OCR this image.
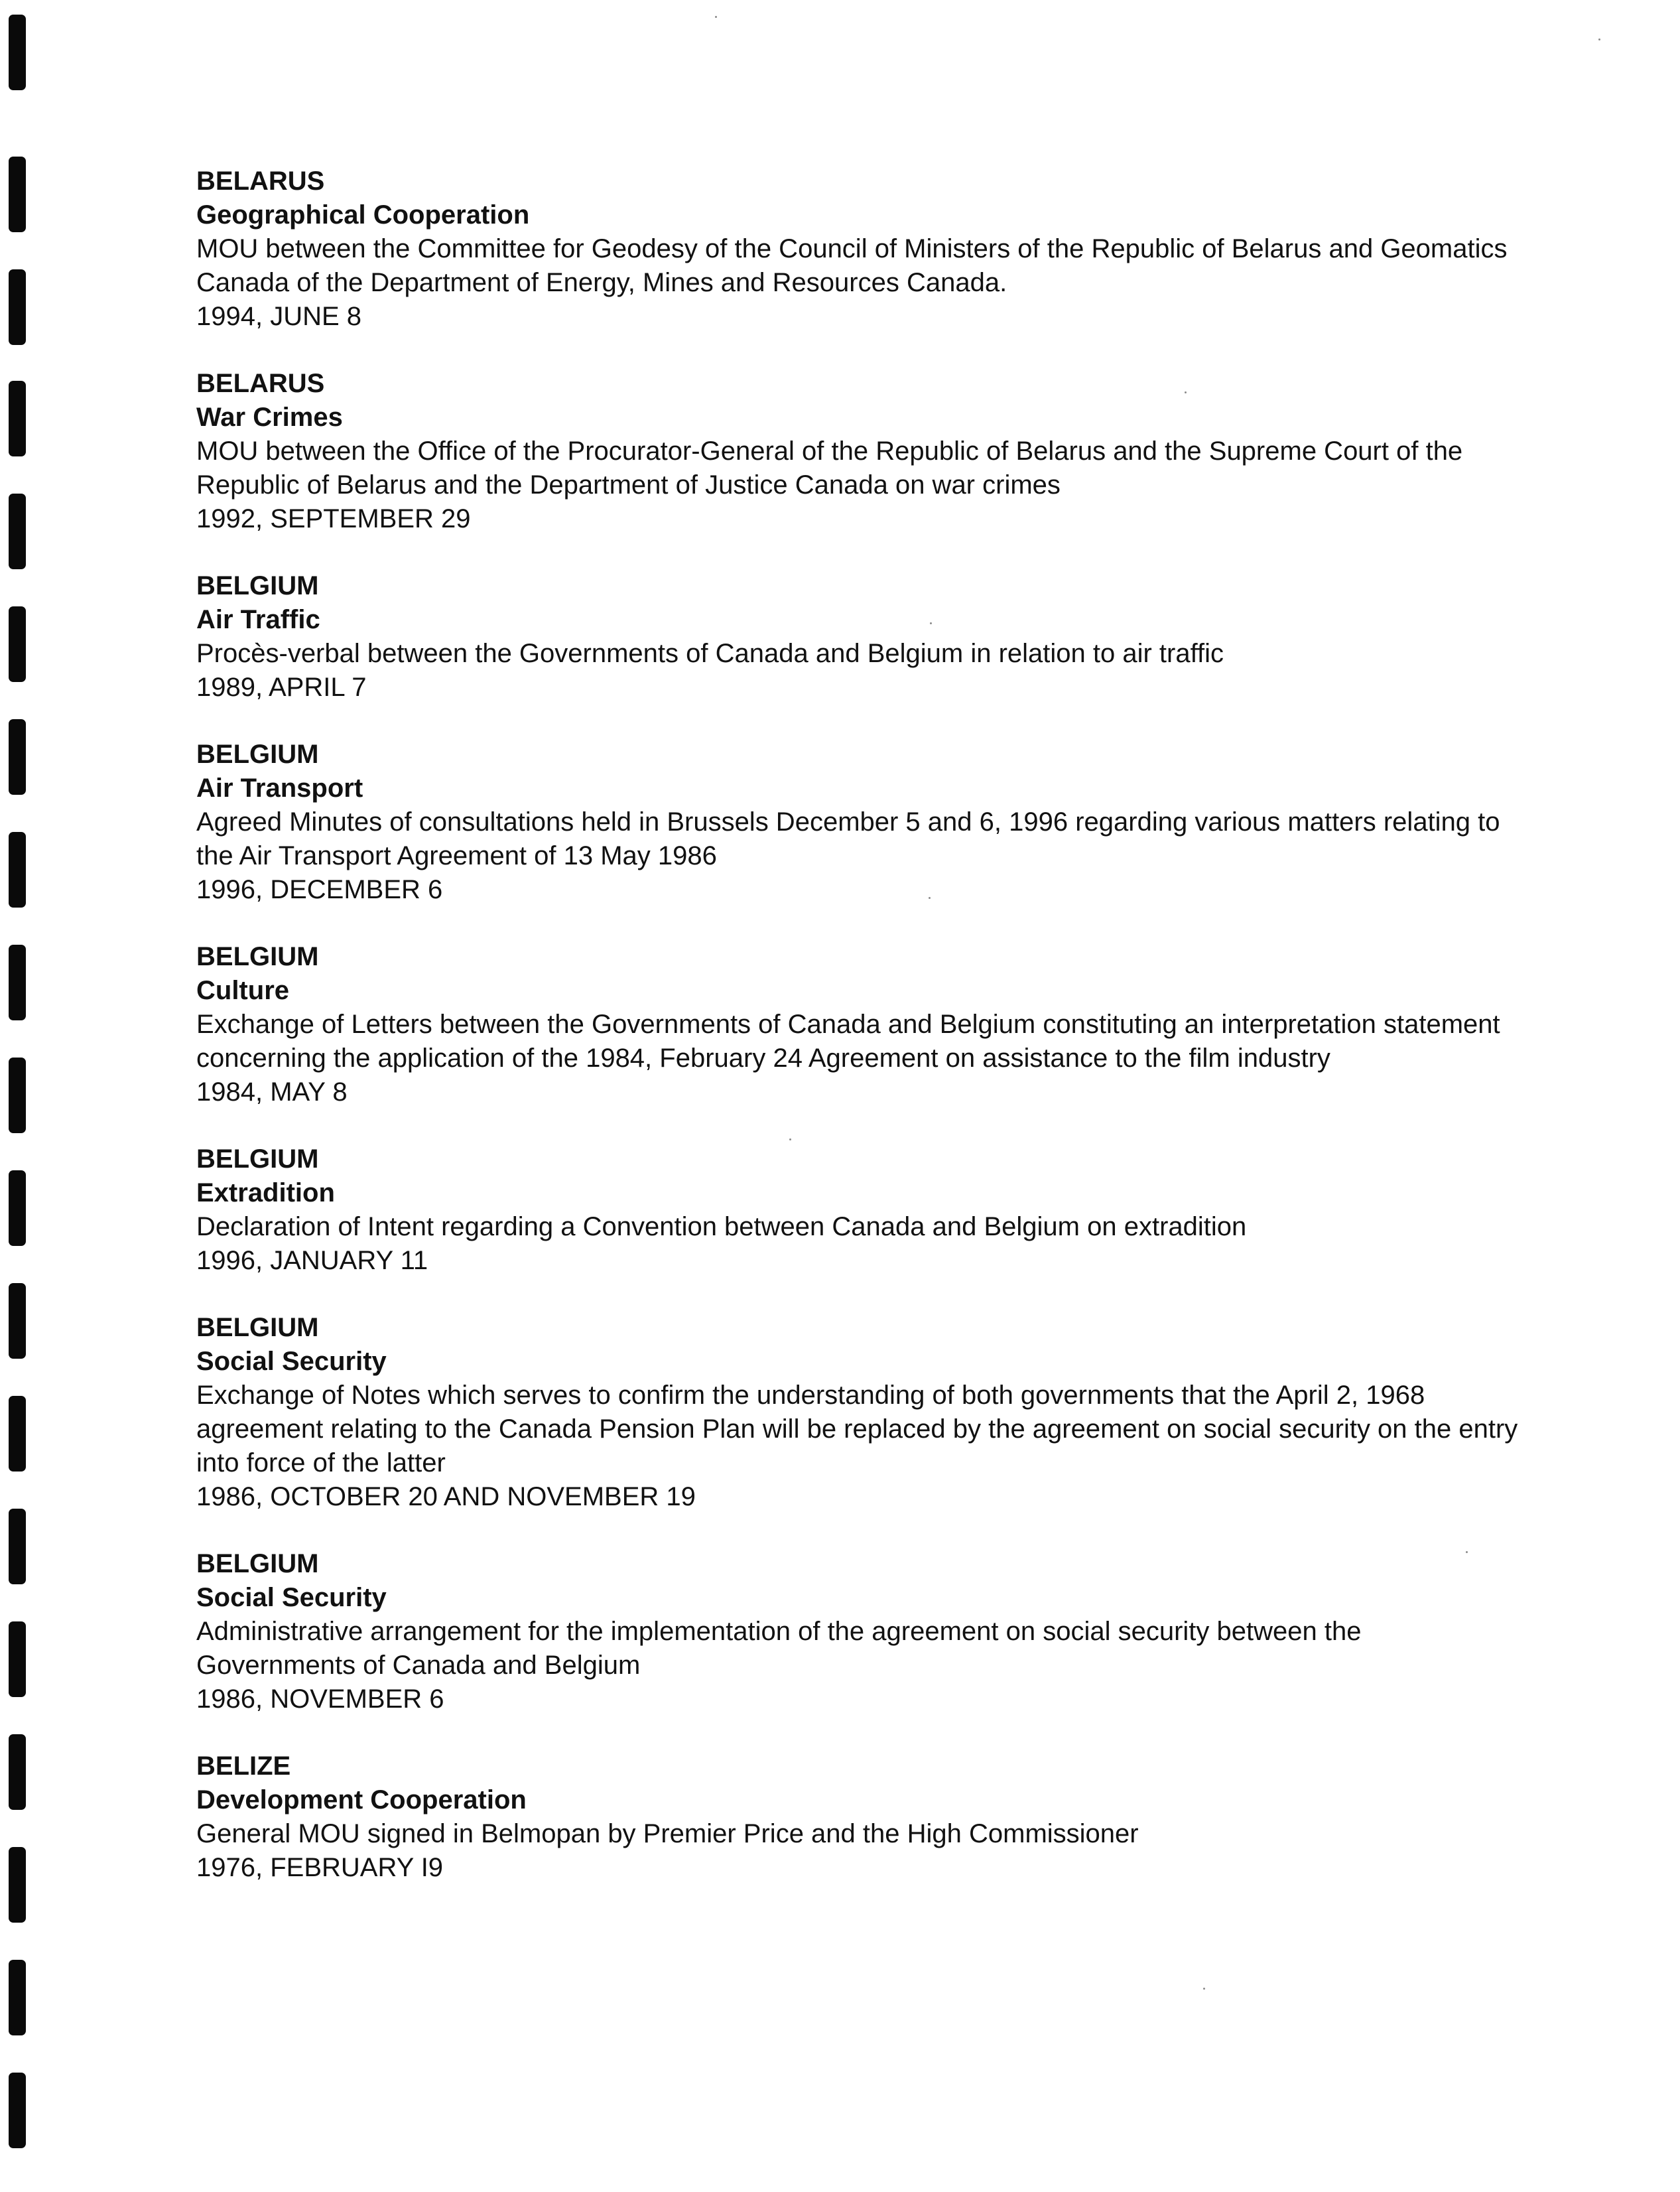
BELARUS

Geographical Cooperation

MOU between the Committee for Geodesy of the Council of Ministers of the Republic of Belarus and Geomatics Canada of the Department of Energy, Mines and Resources Canada.

1994, JUNE 8

BELARUS

War Crimes

MOU between the Office of the Procurator-General of the Republic of Belarus and the Supreme Court of the Republic of Belarus and the Department of Justice Canada on war crimes

1992, SEPTEMBER 29

BELGIUM

Air Traffic

Procès-verbal between the Governments of Canada and Belgium in relation to air traffic

1989, APRIL 7

BELGIUM

Air Transport

Agreed Minutes of consultations held in Brussels December 5 and 6, 1996 regarding various matters relating to the Air Transport Agreement of 13 May 1986

1996, DECEMBER 6

BELGIUM

Culture

Exchange of Letters between the Governments of Canada and Belgium constituting an interpretation statement concerning the application of the 1984, February 24 Agreement on assistance to the film industry

1984, MAY 8

BELGIUM

Extradition

Declaration of Intent regarding a Convention between Canada and Belgium on extradition

1996, JANUARY 11

BELGIUM

Social Security

Exchange of Notes which serves to confirm the understanding of both governments that the April 2, 1968 agreement relating to the Canada Pension Plan will be replaced by the agreement on social security on the entry into force of the latter

1986, OCTOBER 20 AND NOVEMBER 19

BELGIUM

Social Security

Administrative arrangement for the implementation of the agreement on social security between the Governments of Canada and Belgium

1986, NOVEMBER 6

BELIZE

Development Cooperation

General MOU signed in Belmopan by Premier Price and the High Commissioner

1976, FEBRUARY I9
